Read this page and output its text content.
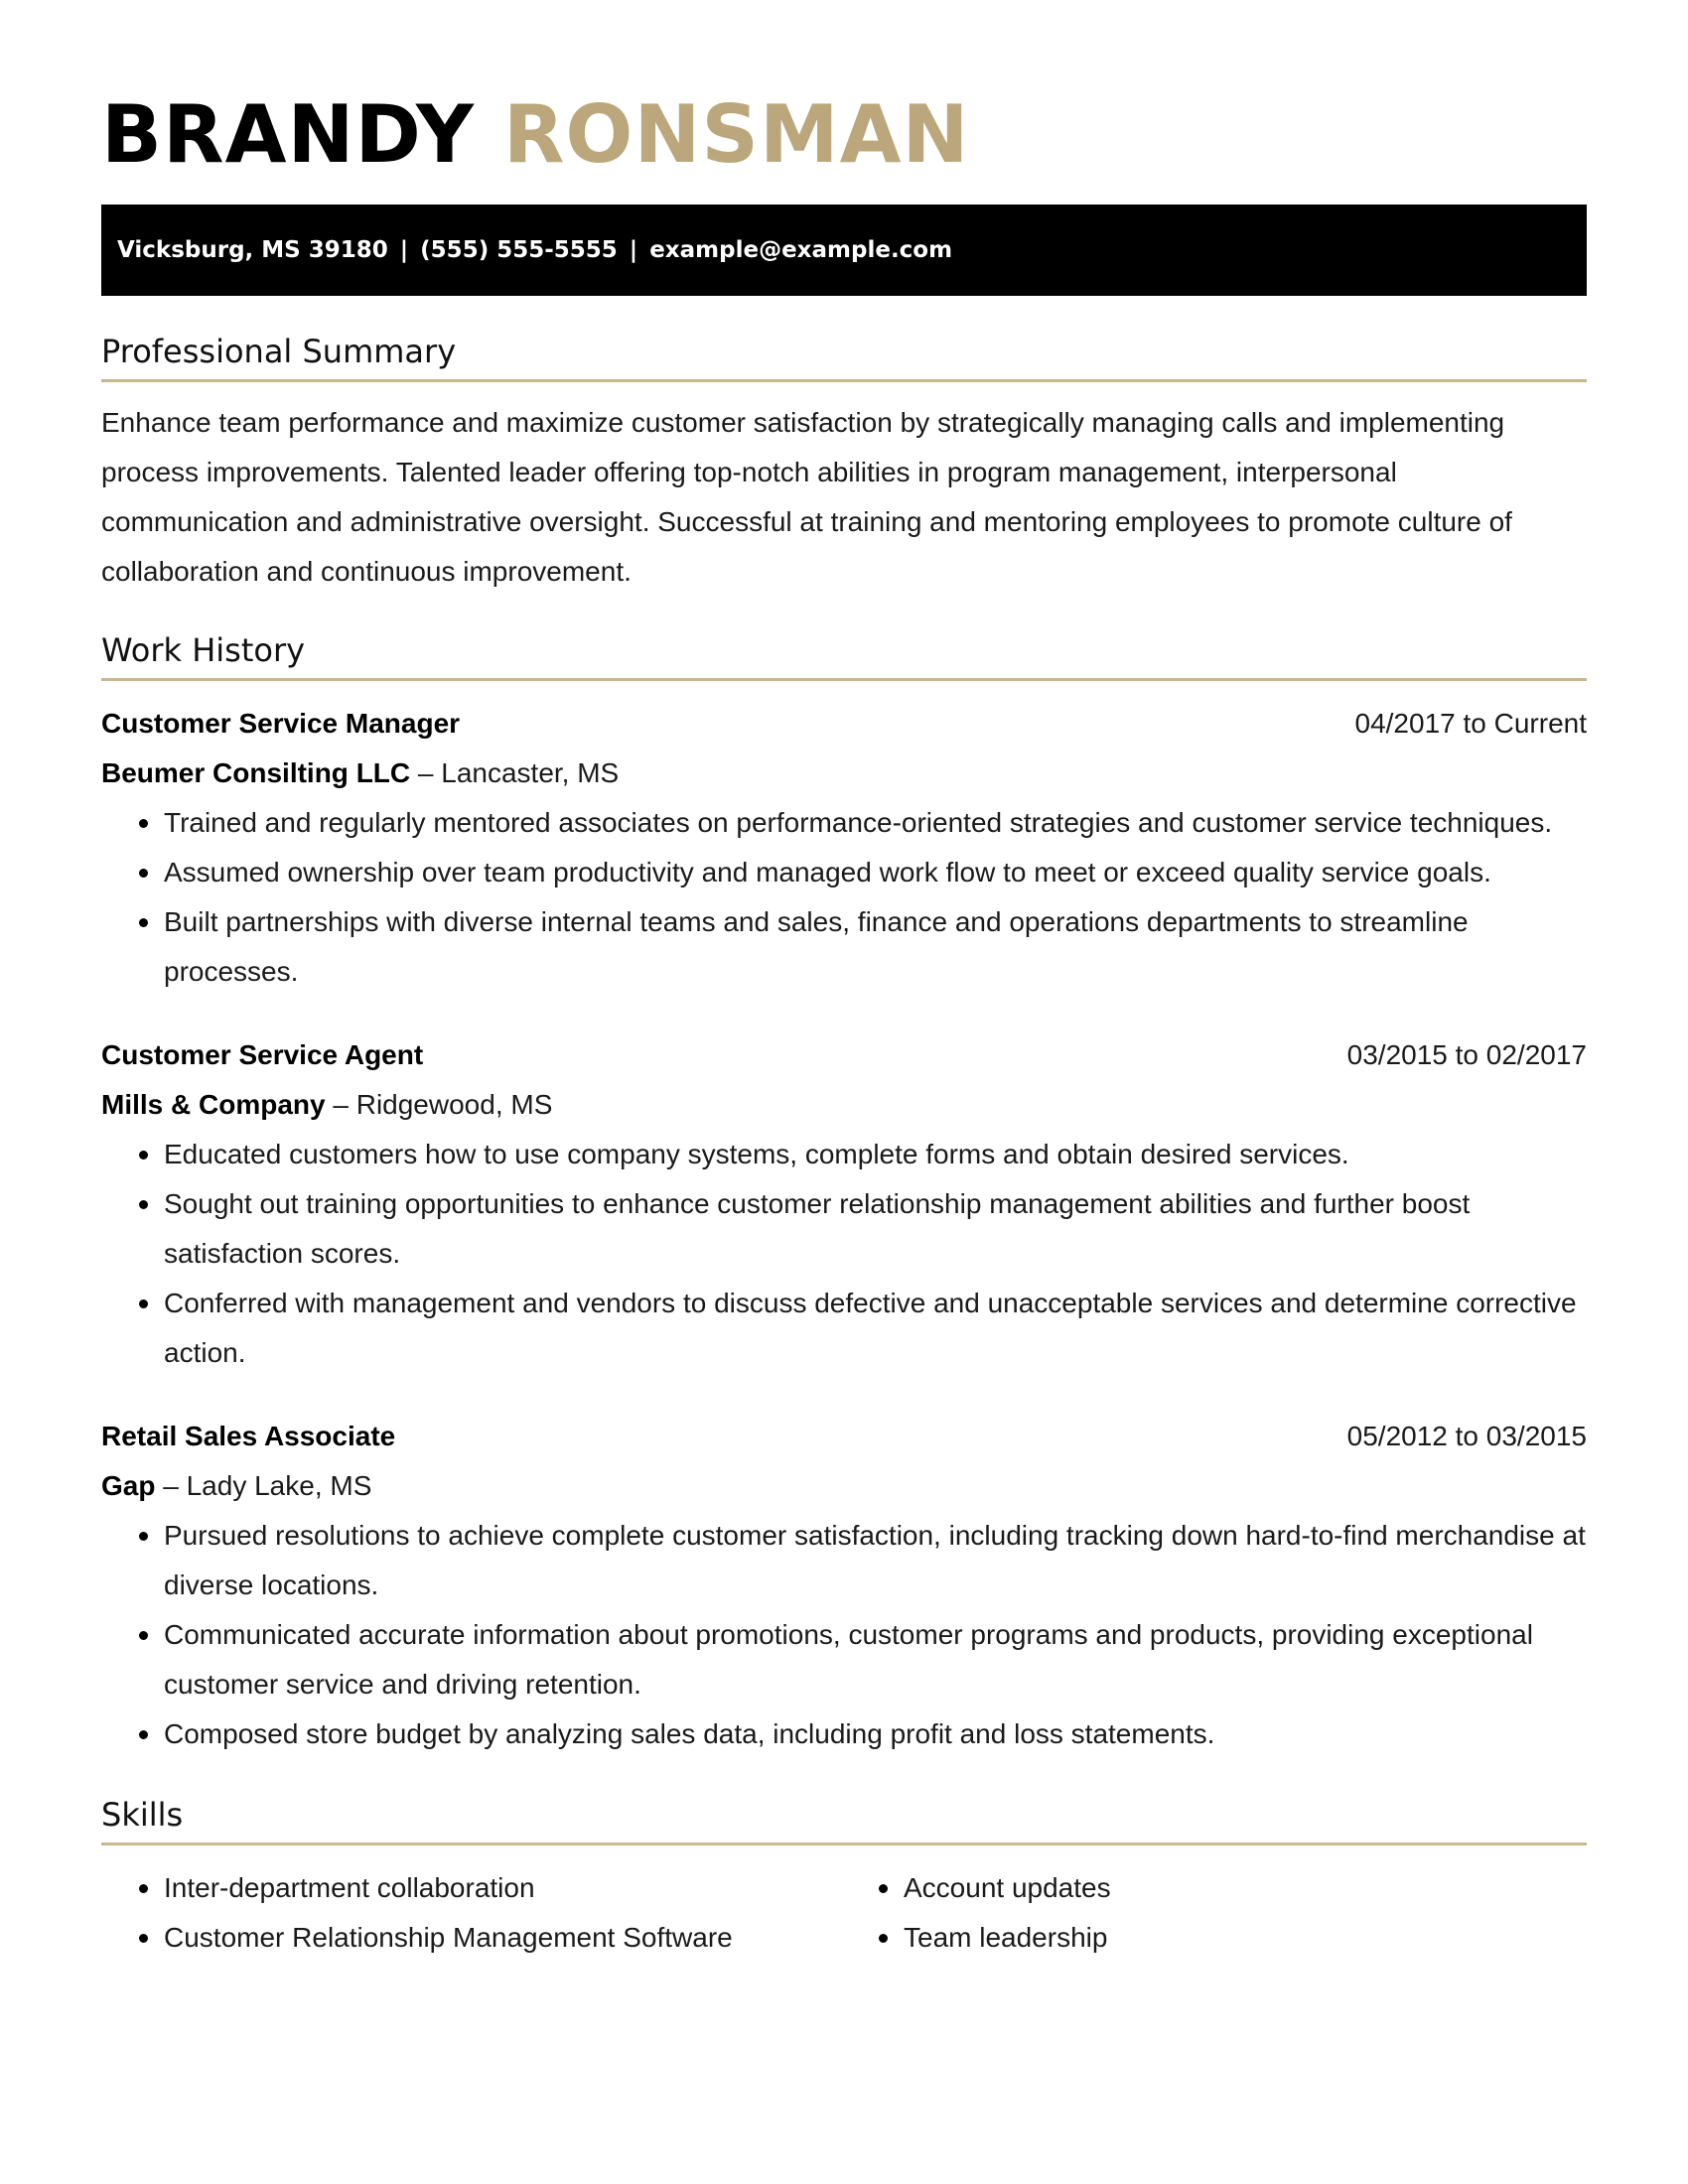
BRANDY RONSMAN
Vicksburg, MS 39180 | (555) 555-5555 | example@example.com
Professional Summary

Enhance team performance and maximize customer satisfaction by strategically managing calls and implementing process improvements. Talented leader offering top-notch abilities in program management, interpersonal communication and administrative oversight. Successful at training and mentoring employees to promote culture of collaboration and continuous improvement.

Work History
Customer Service Manager	04/2017 to Current
Beumer Consilting LLC – Lancaster, MS
Trained and regularly mentored associates on performance-oriented strategies and customer service techniques.
Assumed ownership over team productivity and managed work flow to meet or exceed quality service goals.
Built partnerships with diverse internal teams and sales, finance and operations departments to streamline processes.
Customer Service Agent	03/2015 to 02/2017
Mills & Company – Ridgewood, MS
Educated customers how to use company systems, complete forms and obtain desired services.
Sought out training opportunities to enhance customer relationship management abilities and further boost satisfaction scores.
Conferred with management and vendors to discuss defective and unacceptable services and determine corrective action.
Retail Sales Associate	05/2012 to 03/2015
Gap – Lady Lake, MS
Pursued resolutions to achieve complete customer satisfaction, including tracking down hard-to-find merchandise at diverse locations.
Communicated accurate information about promotions, customer programs and products, providing exceptional customer service and driving retention.
Composed store budget by analyzing sales data, including profit and loss statements.
Skills
Inter-department collaboration
Customer Relationship Management Software
Account updates
Team leadership
